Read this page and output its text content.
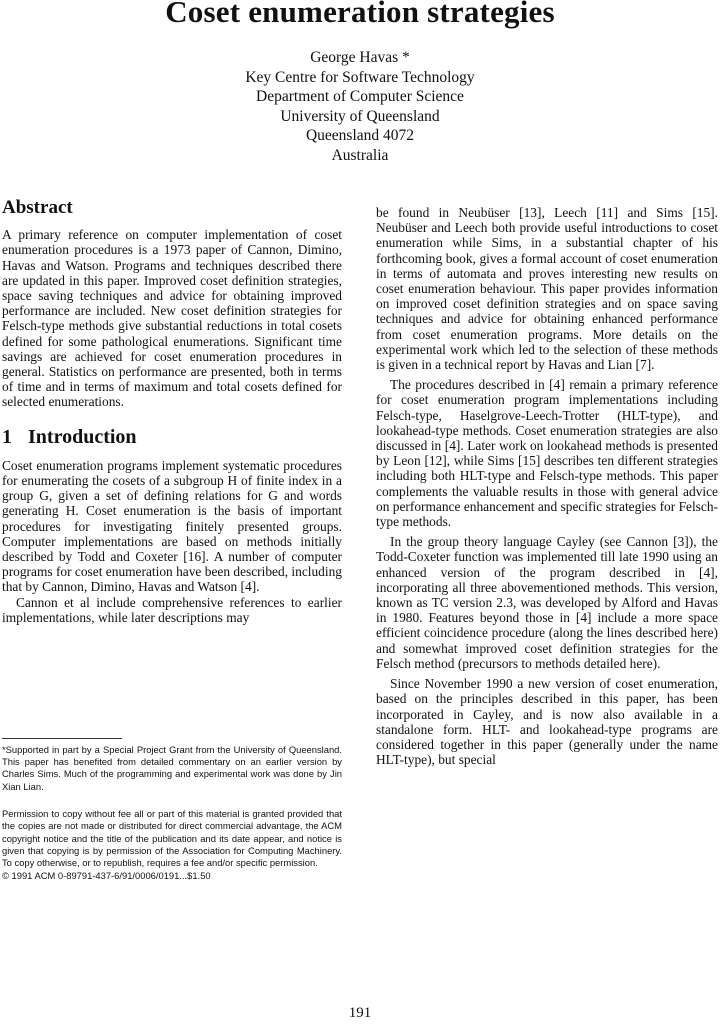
Coset enumeration strategies
George Havas *
Key Centre for Software Technology
Department of Computer Science
University of Queensland
Queensland 4072
Australia
Abstract

A primary reference on computer implementation of coset enumeration procedures is a 1973 paper of Cannon, Dimino, Havas and Watson. Programs and techniques described there are updated in this paper. Improved coset definition strategies, space saving techniques and advice for obtaining improved performance are included. New coset definition strategies for Felsch-type methods give substantial reductions in total cosets defined for some pathological enumerations. Significant time savings are achieved for coset enumeration procedures in general. Statistics on performance are presented, both in terms of time and in terms of maximum and total cosets defined for selected enumerations.

1 Introduction

Coset enumeration programs implement systematic procedures for enumerating the cosets of a subgroup H of finite index in a group G, given a set of defining relations for G and words generating H. Coset enumeration is the basis of important procedures for investigating finitely presented groups. Computer implementations are based on methods initially described by Todd and Coxeter [16]. A number of computer programs for coset enumeration have been described, including that by Cannon, Dimino, Havas and Watson [4].

Cannon et al include comprehensive references to earlier implementations, while later descriptions may

*Supported in part by a Special Project Grant from the University of Queensland. This paper has benefited from detailed commentary on an earlier version by Charles Sims. Much of the programming and experimental work was done by Jin Xian Lian.

Permission to copy without fee all or part of this material is granted provided that the copies are not made or distributed for direct commercial advantage, the ACM copyright notice and the title of the publication and its date appear, and notice is given that copying is by permission of the Association for Computing Machinery. To copy otherwise, or to republish, requires a fee and/or specific permission.

© 1991 ACM 0-89791-437-6/91/0006/0191...$1.50

be found in Neubüser [13], Leech [11] and Sims [15]. Neubüser and Leech both provide useful introductions to coset enumeration while Sims, in a substantial chapter of his forthcoming book, gives a formal account of coset enumeration in terms of automata and proves interesting new results on coset enumeration behaviour. This paper provides information on improved coset definition strategies and on space saving techniques and advice for obtaining enhanced performance from coset enumeration programs. More details on the experimental work which led to the selection of these methods is given in a technical report by Havas and Lian [7].

The procedures described in [4] remain a primary reference for coset enumeration program implementations including Felsch-type, Haselgrove-Leech-Trotter (HLT-type), and lookahead-type methods. Coset enumeration strategies are also discussed in [4]. Later work on lookahead methods is presented by Leon [12], while Sims [15] describes ten different strategies including both HLT-type and Felsch-type methods. This paper complements the valuable results in those with general advice on performance enhancement and specific strategies for Felsch-type methods.

In the group theory language Cayley (see Cannon [3]), the Todd-Coxeter function was implemented till late 1990 using an enhanced version of the program described in [4], incorporating all three abovementioned methods. This version, known as TC version 2.3, was developed by Alford and Havas in 1980. Features beyond those in [4] include a more space efficient coincidence procedure (along the lines described here) and somewhat improved coset definition strategies for the Felsch method (precursors to methods detailed here).

Since November 1990 a new version of coset enumeration, based on the principles described in this paper, has been incorporated in Cayley, and is now also available in a standalone form. HLT- and lookahead-type programs are considered together in this paper (generally under the name HLT-type), but special

191
